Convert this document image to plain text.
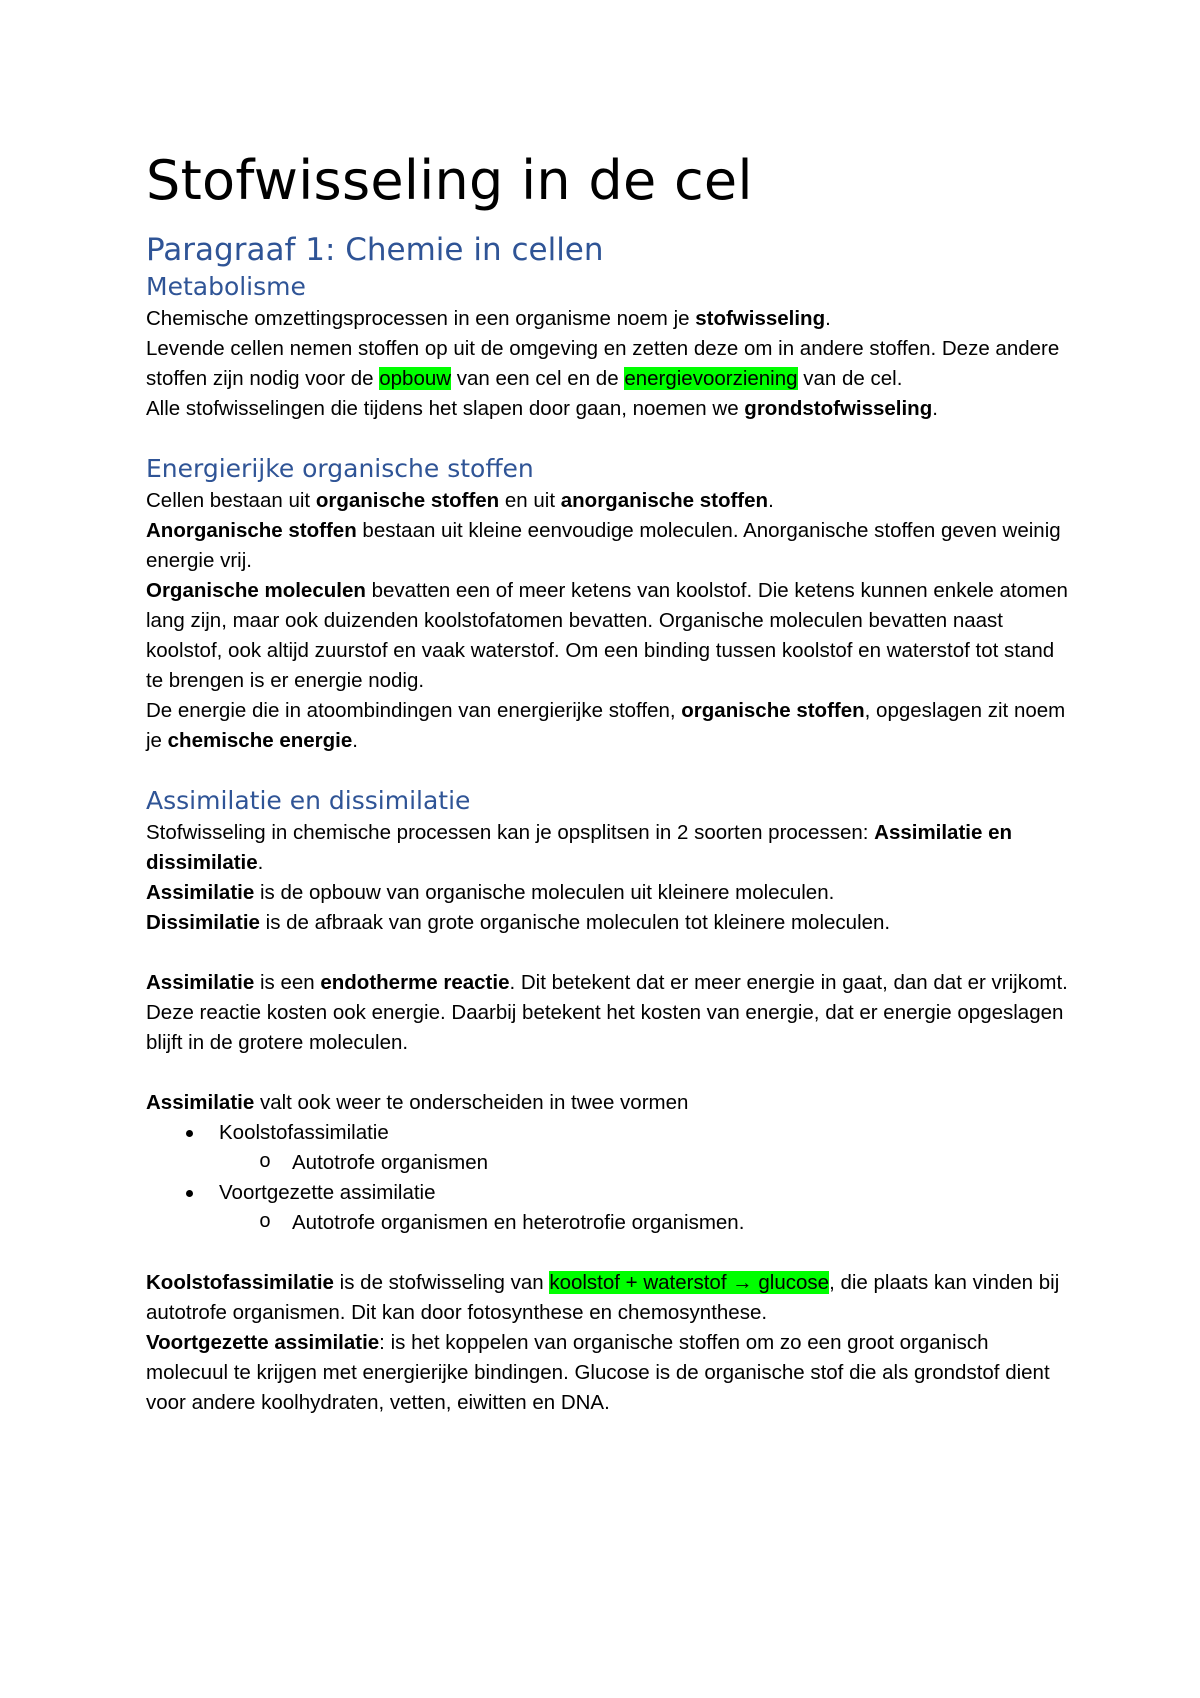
Stofwisseling in de cel
Paragraaf 1: Chemie in cellen
Metabolisme

Chemische omzettingsprocessen in een organisme noem je stofwisseling.

Levende cellen nemen stoffen op uit de omgeving en zetten deze om in andere stoffen. Deze andere stoffen zijn nodig voor de opbouw van een cel en de energievoorziening van de cel.

Alle stofwisselingen die tijdens het slapen door gaan, noemen we grondstofwisseling.

Energierijke organische stoffen

Cellen bestaan uit organische stoffen en uit anorganische stoffen.

Anorganische stoffen bestaan uit kleine eenvoudige moleculen. Anorganische stoffen geven weinig energie vrij.

Organische moleculen bevatten een of meer ketens van koolstof. Die ketens kunnen enkele atomen lang zijn, maar ook duizenden koolstofatomen bevatten. Organische moleculen bevatten naast koolstof, ook altijd zuurstof en vaak waterstof. Om een binding tussen koolstof en waterstof tot stand te brengen is er energie nodig.

De energie die in atoombindingen van energierijke stoffen, organische stoffen, opgeslagen zit noem je chemische energie.

Assimilatie en dissimilatie

Stofwisseling in chemische processen kan je opsplitsen in 2 soorten processen: Assimilatie en dissimilatie.

Assimilatie is de opbouw van organische moleculen uit kleinere moleculen.

Dissimilatie is de afbraak van grote organische moleculen tot kleinere moleculen.

Assimilatie is een endotherme reactie. Dit betekent dat er meer energie in gaat, dan dat er vrijkomt. Deze reactie kosten ook energie. Daarbij betekent het kosten van energie, dat er energie opgeslagen blijft in de grotere moleculen.

Assimilatie valt ook weer te onderscheiden in twee vormen

Koolstofassimilatie
o Autotrofe organismen
Voortgezette assimilatie
o Autotrofe organismen en heterotrofie organismen.

Koolstofassimilatie is de stofwisseling van koolstof + waterstof → glucose, die plaats kan vinden bij autotrofe organismen. Dit kan door fotosynthese en chemosynthese.

Voortgezette assimilatie: is het koppelen van organische stoffen om zo een groot organisch molecuul te krijgen met energierijke bindingen. Glucose is de organische stof die als grondstof dient voor andere koolhydraten, vetten, eiwitten en DNA.
